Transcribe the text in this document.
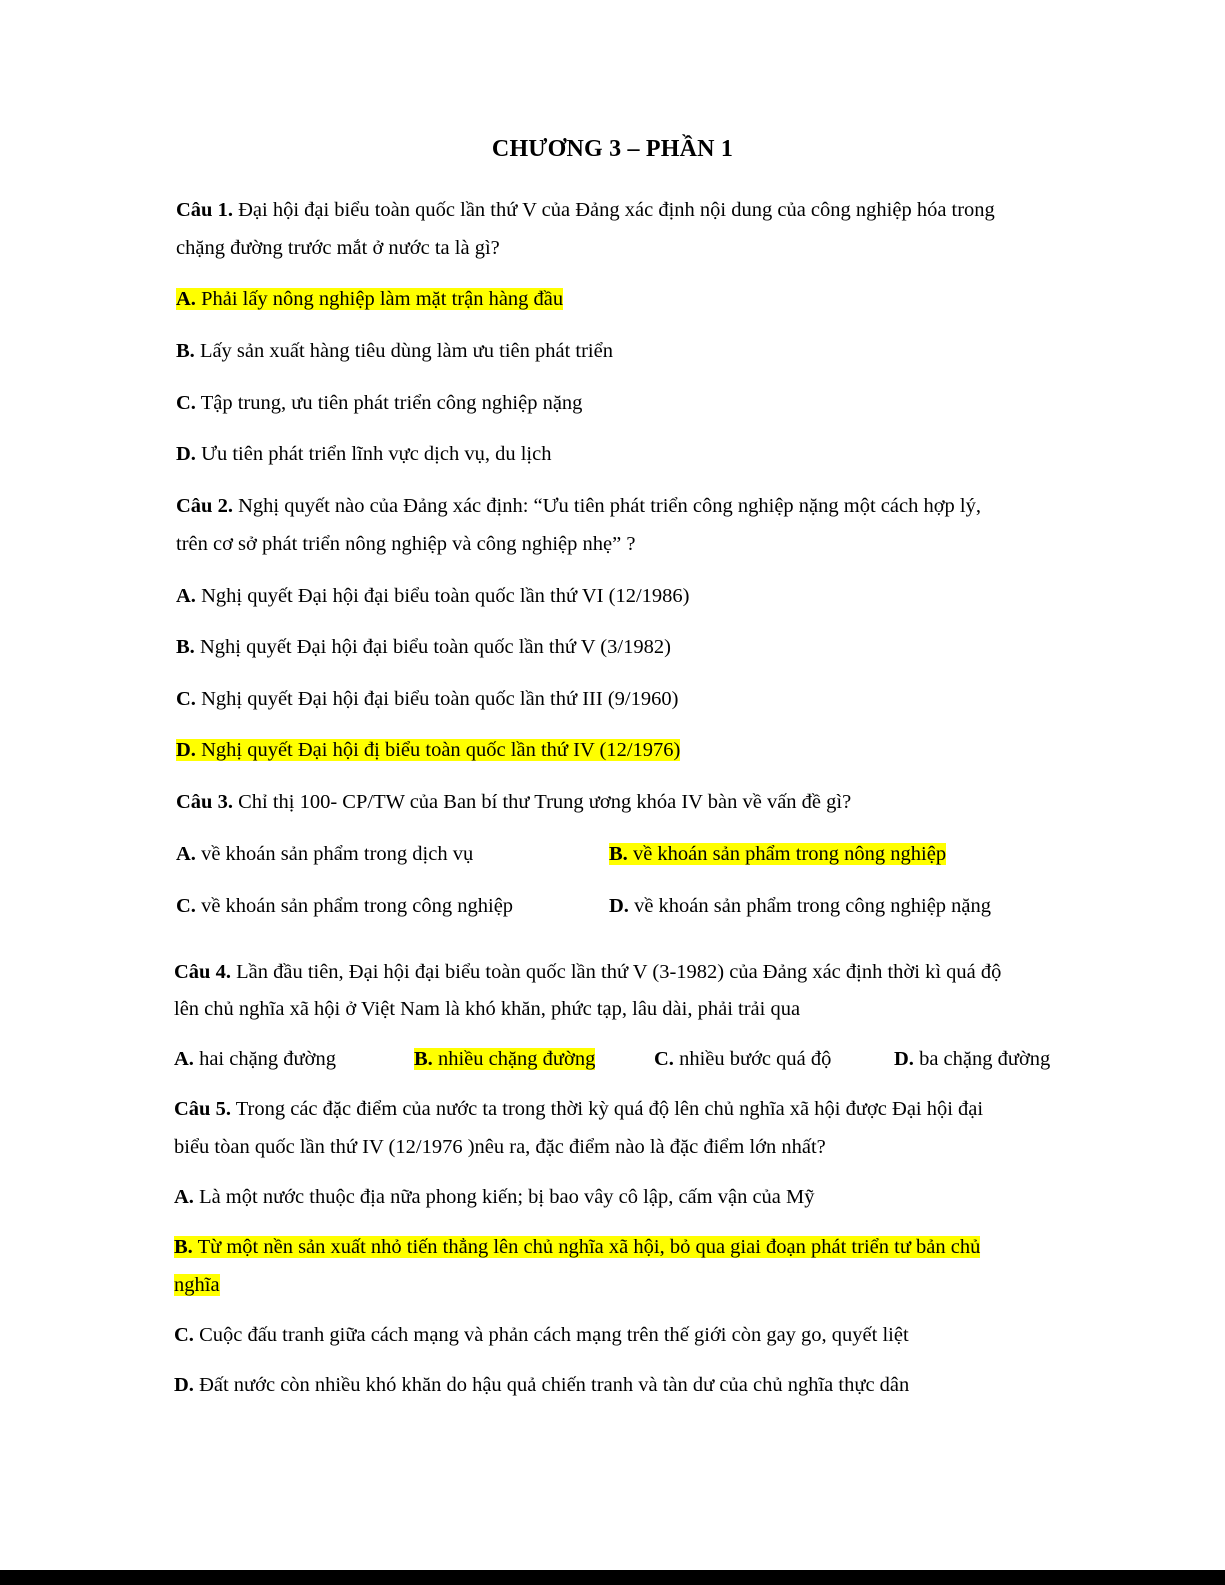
CHƯƠNG 3 – PHẦN 1
Câu 1. Đại hội đại biểu toàn quốc lần thứ V của Đảng xác định nội dung của công nghiệp hóa trong
chặng đường trước mắt ở nước ta là gì?
A. Phải lấy nông nghiệp làm mặt trận hàng đầu
B. Lấy sản xuất hàng tiêu dùng làm ưu tiên phát triển
C. Tập trung, ưu tiên phát triển công nghiệp nặng
D. Ưu tiên phát triển lĩnh vực dịch vụ, du lịch
Câu 2. Nghị quyết nào của Đảng xác định: “Ưu tiên phát triển công nghiệp nặng một cách hợp lý,
trên cơ sở phát triển nông nghiệp và công nghiệp nhẹ” ?
A. Nghị quyết Đại hội đại biểu toàn quốc lần thứ VI (12/1986)
B. Nghị quyết Đại hội đại biểu toàn quốc lần thứ V (3/1982)
C. Nghị quyết Đại hội đại biểu toàn quốc lần thứ III (9/1960)
D. Nghị quyết Đại hội đị biểu toàn quốc lần thứ IV (12/1976)
Câu 3. Chỉ thị 100- CP/TW của Ban bí thư Trung ương khóa IV bàn về vấn đề gì?
A. về khoán sản phẩm trong dịch vụ	B. về khoán sản phẩm trong nông nghiệp
C. về khoán sản phẩm trong công nghiệp	D. về khoán sản phẩm trong công nghiệp nặng
Câu 4. Lần đầu tiên, Đại hội đại biểu toàn quốc lần thứ V (3-1982) của Đảng xác định thời kì quá độ
lên chủ nghĩa xã hội ở Việt Nam là khó khăn, phức tạp, lâu dài, phải trải qua
A. hai chặng đường	B. nhiều chặng đường	C. nhiều bước quá độ	D. ba chặng đường
Câu 5. Trong các đặc điểm của nước ta trong thời kỳ quá độ lên chủ nghĩa xã hội được Đại hội đại
biểu tòan quốc lần thứ IV (12/1976 )nêu ra, đặc điểm nào là đặc điểm lớn nhất?
A. Là một nước thuộc địa nữa phong kiến; bị bao vây cô lập, cấm vận của Mỹ
B. Từ một nền sản xuất nhỏ tiến thẳng lên chủ nghĩa xã hội, bỏ qua giai đoạn phát triển tư bản chủ
nghĩa
C. Cuộc đấu tranh giữa cách mạng và phản cách mạng trên thế giới còn gay go, quyết liệt
D. Đất nước còn nhiều khó khăn do hậu quả chiến tranh và tàn dư của chủ nghĩa thực dân
